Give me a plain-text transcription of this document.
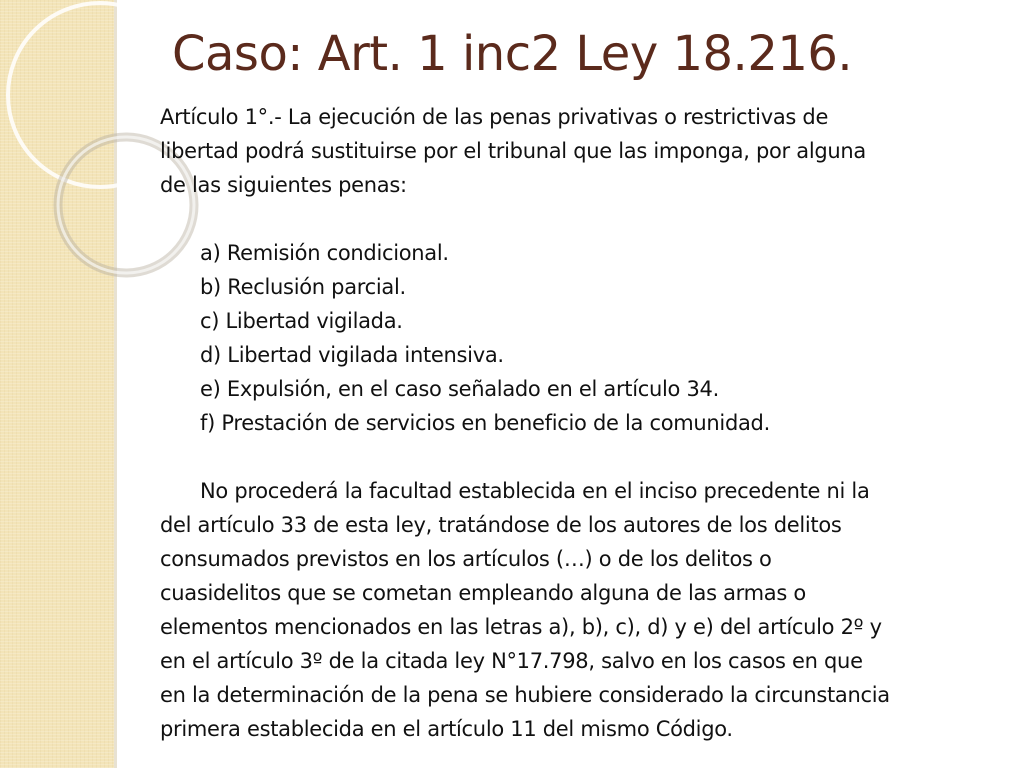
Caso: Art. 1 inc2 Ley 18.216.
Artículo 1°.- La ejecución de las penas privativas o restrictivas de
libertad podrá sustituirse por el tribunal que las imponga, por alguna
de las siguientes penas:
a) Remisión condicional.
b) Reclusión parcial.
c) Libertad vigilada.
d) Libertad vigilada intensiva.
e) Expulsión, en el caso señalado en el artículo 34.
f) Prestación de servicios en beneficio de la comunidad.
No procederá la facultad establecida en el inciso precedente ni la
del artículo 33 de esta ley, tratándose de los autores de los delitos
consumados previstos en los artículos (…) o de los delitos o
cuasidelitos que se cometan empleando alguna de las armas o
elementos mencionados en las letras a), b), c), d) y e) del artículo 2º y
en el artículo 3º de la citada ley N°17.798, salvo en los casos en que
en la determinación de la pena se hubiere considerado la circunstancia
primera establecida en el artículo 11 del mismo Código.
